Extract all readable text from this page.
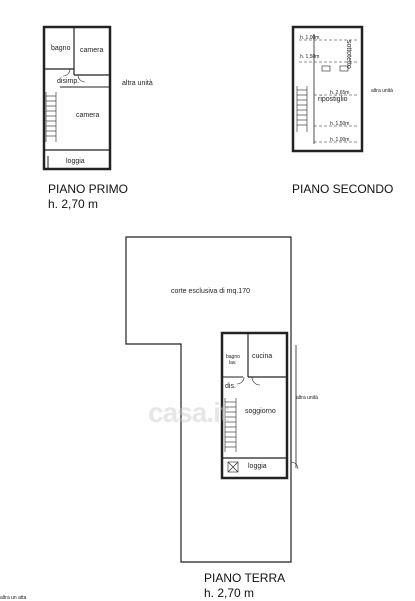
bagno camera
disimp.
camera
loggia
altra unità
ripostiglio
sottotetto
h. 1,00m
h. 1,50m
h. 2,65m
h. 1,50m
h. 1,00m
altra unità
corte esclusiva di mq.170
bagno
lav.
cucina
dis.
soggiorno
loggia
altra unità
altra un atta
casa.it
PIANO PRIMO
h. 2,70 m
PIANO SECONDO
PIANO TERRA
h. 2,70 m
